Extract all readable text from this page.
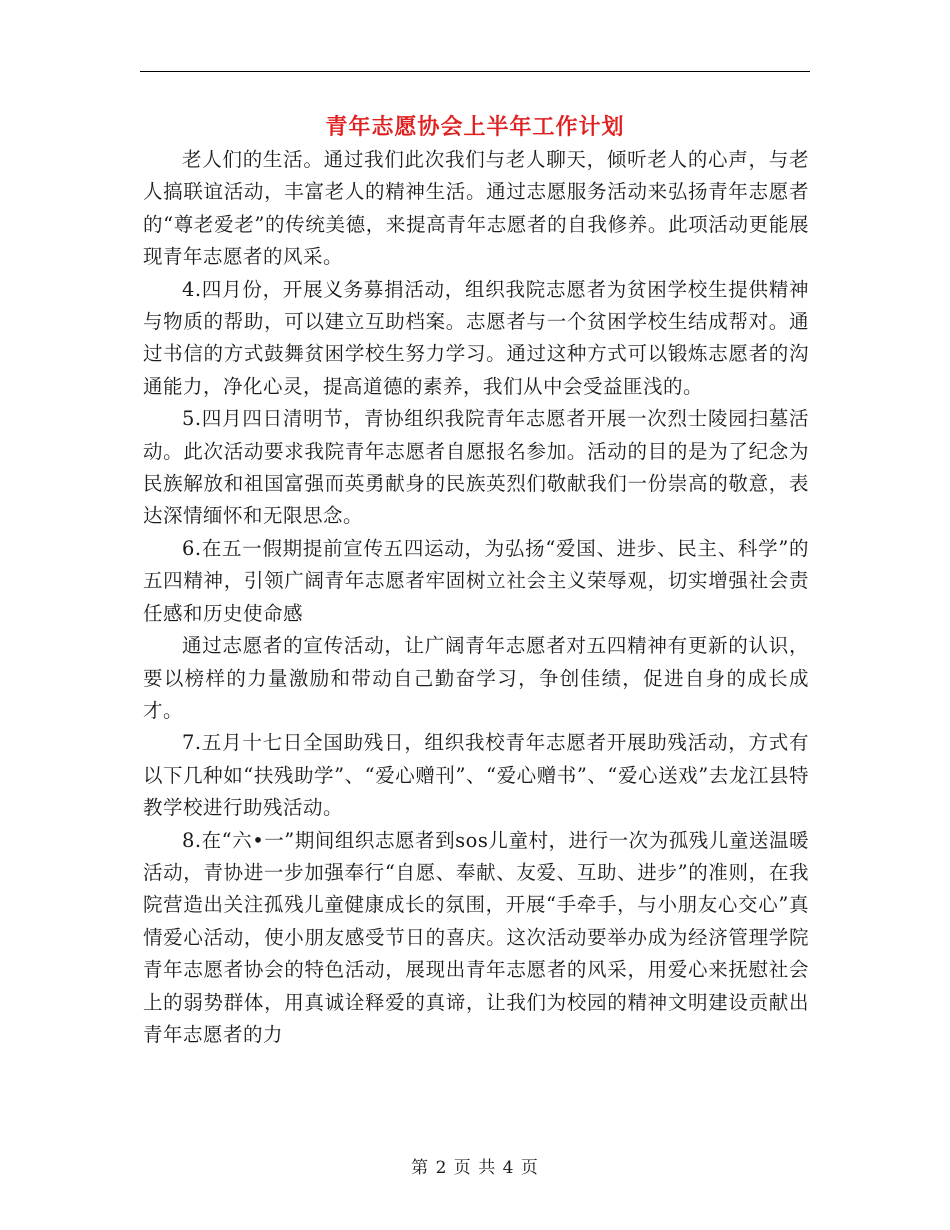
青年志愿协会上半年工作计划

老人们的生活。通过我们此次我们与老人聊天，倾听老人的心声，与老人搞联谊活动，丰富老人的精神生活。通过志愿服务活动来弘扬青年志愿者的“尊老爱老”的传统美德，来提高青年志愿者的自我修养。此项活动更能展现青年志愿者的风采。

4.四月份，开展义务募捐活动，组织我院志愿者为贫困学校生提供精神与物质的帮助，可以建立互助档案。志愿者与一个贫困学校生结成帮对。通过书信的方式鼓舞贫困学校生努力学习。通过这种方式可以锻炼志愿者的沟通能力，净化心灵，提高道德的素养，我们从中会受益匪浅的。

5.四月四日清明节，青协组织我院青年志愿者开展一次烈士陵园扫墓活动。此次活动要求我院青年志愿者自愿报名参加。活动的目的是为了纪念为民族解放和祖国富强而英勇献身的民族英烈们敬献我们一份崇高的敬意，表达深情缅怀和无限思念。

6.在五一假期提前宣传五四运动，为弘扬“爱国、进步、民主、科学”的五四精神，引领广阔青年志愿者牢固树立社会主义荣辱观，切实增强社会责任感和历史使命感

通过志愿者的宣传活动，让广阔青年志愿者对五四精神有更新的认识，要以榜样的力量激励和带动自己勤奋学习，争创佳绩，促进自身的成长成才。

7.五月十七日全国助残日，组织我校青年志愿者开展助残活动，方式有以下几种如“扶残助学”、“爱心赠刊”、“爱心赠书”、“爱心送戏”去龙江县特教学校进行助残活动。

8.在“六•一”期间组织志愿者到sos儿童村，进行一次为孤残儿童送温暖活动，青协进一步加强奉行“自愿、奉献、友爱、互助、进步”的准则，在我院营造出关注孤残儿童健康成长的氛围，开展“手牵手，与小朋友心交心”真情爱心活动，使小朋友感受节日的喜庆。这次活动要举办成为经济管理学院青年志愿者协会的特色活动，展现出青年志愿者的风采，用爱心来抚慰社会上的弱势群体，用真诚诠释爱的真谛，让我们为校园的精神文明建设贡献出青年志愿者的力

第 2 页 共 4 页
